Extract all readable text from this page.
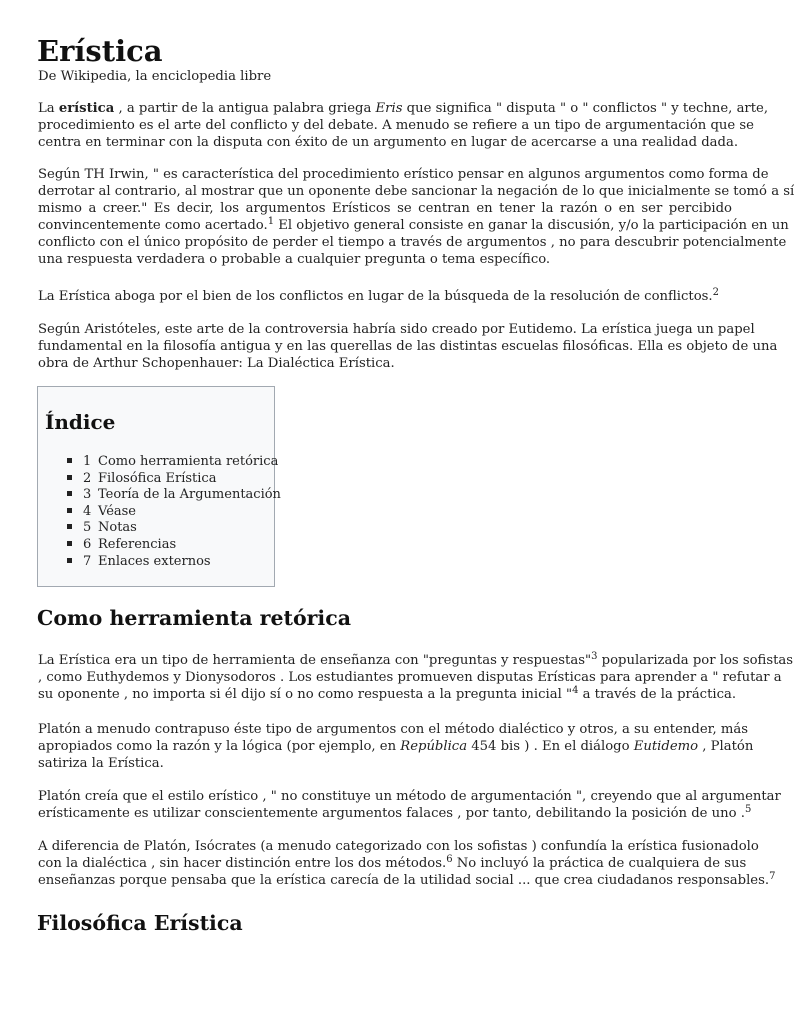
Erística
De Wikipedia, la enciclopedia libre
La erística , a partir de la antigua palabra griega Eris que significa " disputa " o " conflictos " y techne, arte,
procedimiento es el arte del conflicto y del debate. A menudo se refiere a un tipo de argumentación que se
centra en terminar con la disputa con éxito de un argumento en lugar de acercarse a una realidad dada.
Según TH Irwin, " es característica del procedimiento erístico pensar en algunos argumentos como forma de
derrotar al contrario, al mostrar que un oponente debe sancionar la negación de lo que inicialmente se tomó a sí
mismo a creer." Es decir, los argumentos Erísticos se centran en tener la razón o en ser percibido
convincentemente como acertado.$^1$ El objetivo general consiste en ganar la discusión, y/o la participación en un
conflicto con el único propósito de perder el tiempo a través de argumentos , no para descubrir potencialmente
una respuesta verdadera o probable a cualquier pregunta o tema específico.
La Erística aboga por el bien de los conflictos en lugar de la búsqueda de la resolución de conflictos.$^2$
Según Aristóteles, este arte de la controversia habría sido creado por Eutidemo. La erística juega un papel
fundamental en la filosofía antigua y en las querellas de las distintas escuelas filosóficas. Ella es objeto de una
obra de Arthur Schopenhauer: La Dialéctica Erística.
Índice
1 Como herramienta retórica
2 Filosófica Erística
3 Teoría de la Argumentación
4 Véase
5 Notas
6 Referencias
7 Enlaces externos
Como herramienta retórica
La Erística era un tipo de herramienta de enseñanza con "preguntas y respuestas"$^3$ popularizada por los sofistas
, como Euthydemos y Dionysodoros . Los estudiantes promueven disputas Erísticas para aprender a " refutar a
su oponente , no importa si él dijo sí o no como respuesta a la pregunta inicial "$^4$ a través de la práctica.
Platón a menudo contrapuso éste tipo de argumentos con el método dialéctico y otros, a su entender, más
apropiados como la razón y la lógica (por ejemplo, en República 454 bis ) . En el diálogo Eutidemo , Platón
satiriza la Erística.
Platón creía que el estilo erístico , " no constituye un método de argumentación ", creyendo que al argumentar
erísticamente es utilizar conscientemente argumentos falaces , por tanto, debilitando la posición de uno .$^5$
A diferencia de Platón, Isócrates (a menudo categorizado con los sofistas ) confundía la erística fusionadolo
con la dialéctica , sin hacer distinción entre los dos métodos.$^6$ No incluyó la práctica de cualquiera de sus
enseñanzas porque pensaba que la erística carecía de la utilidad social ... que crea ciudadanos responsables.$^7$
Filosófica Erística
